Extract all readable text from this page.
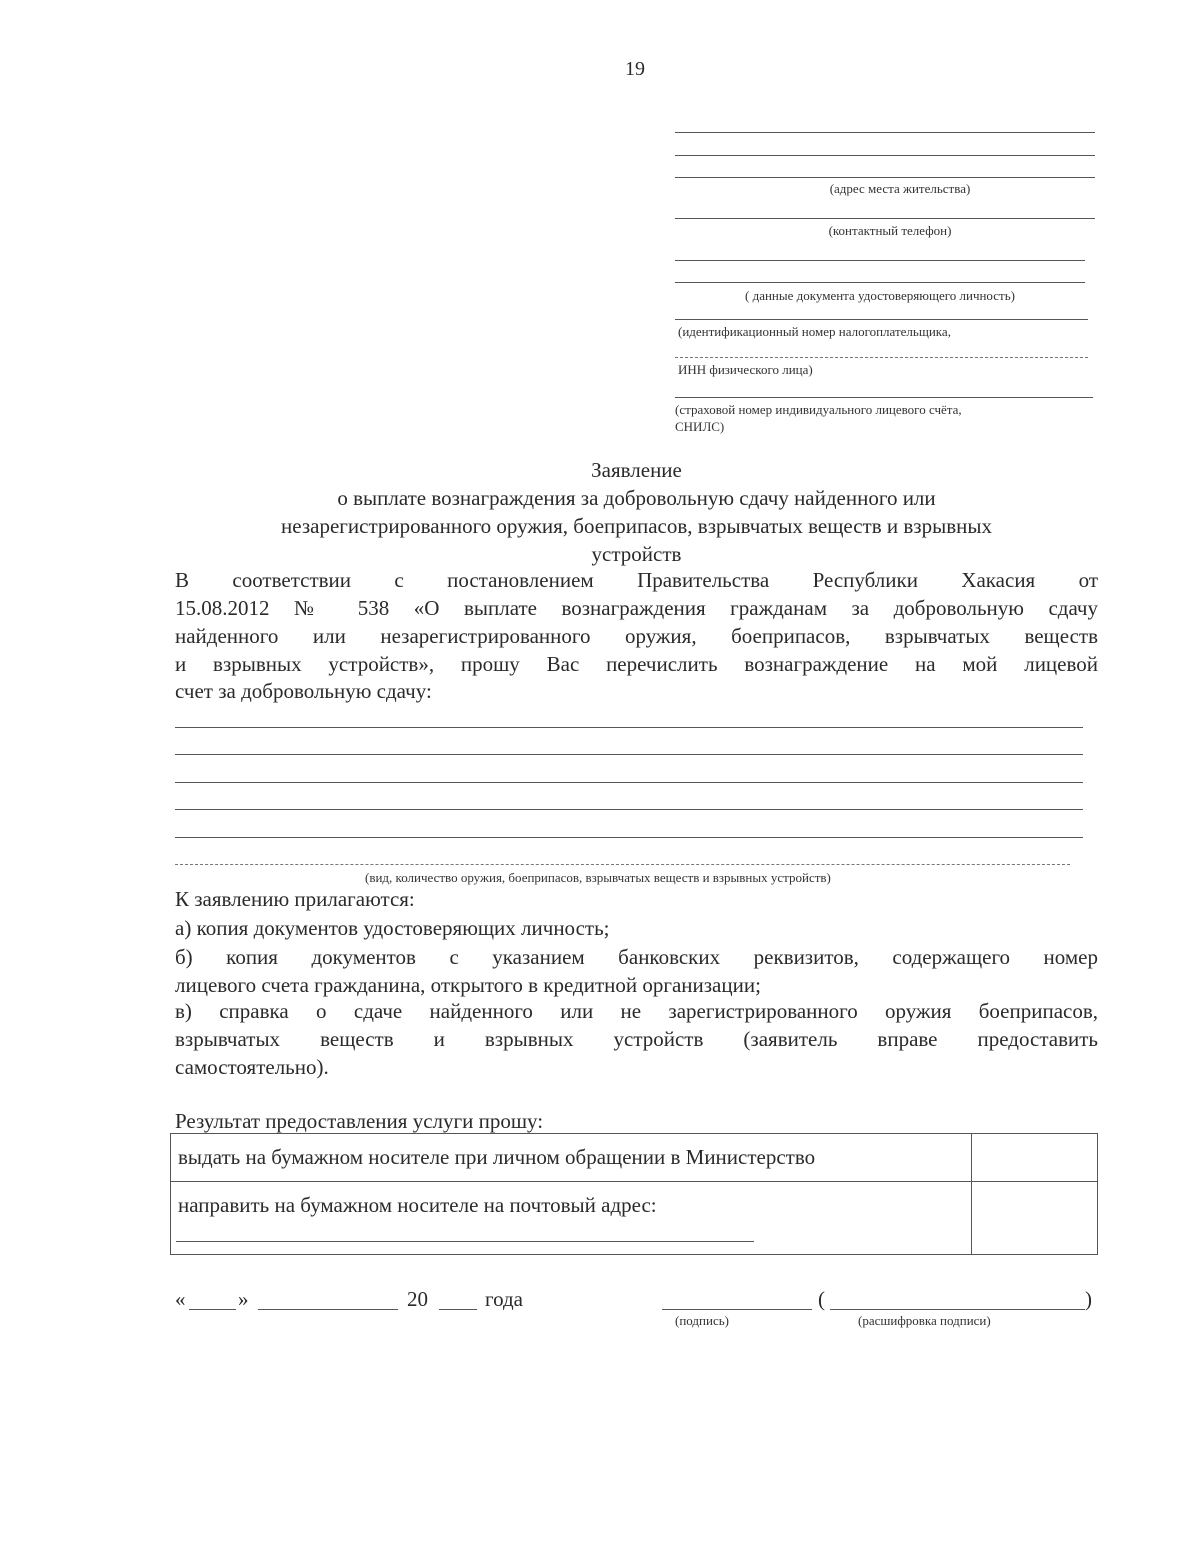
19
(адрес места жительства)
(контактный телефон)
( данные документа удостоверяющего личность)
(идентификационный номер налогоплательщика,
ИНН физического лица)
(страховой номер индивидуального лицевого счёта,
СНИЛС)
Заявление
о выплате вознаграждения за добровольную сдачу найденного или
незарегистрированного оружия, боеприпасов, взрывчатых веществ и взрывных
устройств
В соответствии с постановлением Правительства Республики Хакасия от
15.08.2012 № 538 «О выплате вознаграждения гражданам за добровольную сдачу
найденного или незарегистрированного оружия, боеприпасов, взрывчатых веществ
и взрывных устройств», прошу Вас перечислить вознаграждение на мой лицевой
счет за добровольную сдачу:
(вид, количество оружия, боеприпасов, взрывчатых веществ и взрывных устройств)
К заявлению прилагаются:
а) копия документов удостоверяющих личность;
б) копия документов с указанием банковских реквизитов, содержащего номер
лицевого счета гражданина, открытого в кредитной организации;
в) справка о сдаче найденного или не зарегистрированного оружия боеприпасов,
взрывчатых веществ и взрывных устройств (заявитель вправе предоставить
самостоятельно).
Результат предоставления услуги прошу:
выдать на бумажном носителе при личном обращении в Министерство
направить на бумажном носителе на почтовый адрес:
«	»	20	года	(	)
(подпись)	(расшифровка подписи)
